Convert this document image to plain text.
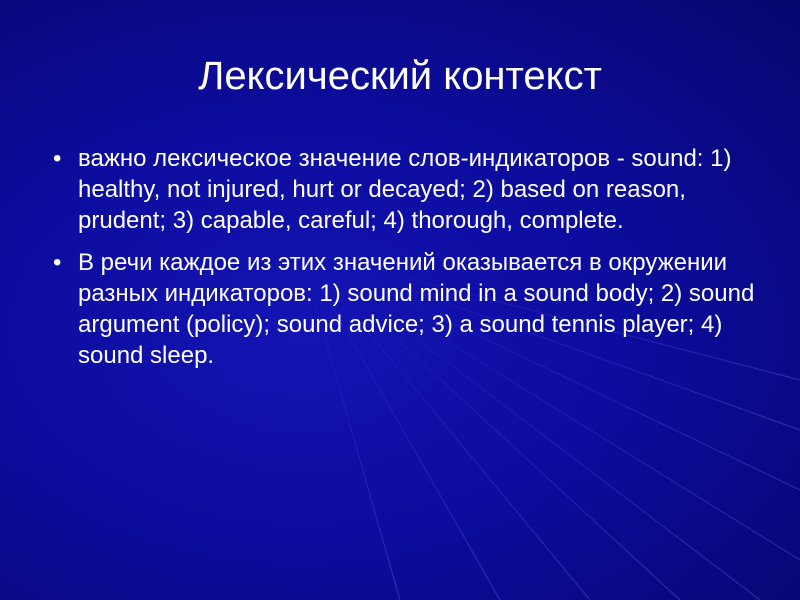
Лексический контекст
• важно лексическое значение слов-индикаторов - sound: 1) healthy, not injured, hurt or decayed; 2) based on reason, prudent; 3) capable, careful; 4) thorough, complete.
• В речи каждое из этих значений оказывается в окружении разных индикаторов: 1) sound mind in a sound body; 2) sound argument (policy); sound advice; 3) a sound tennis player; 4) sound sleep.
